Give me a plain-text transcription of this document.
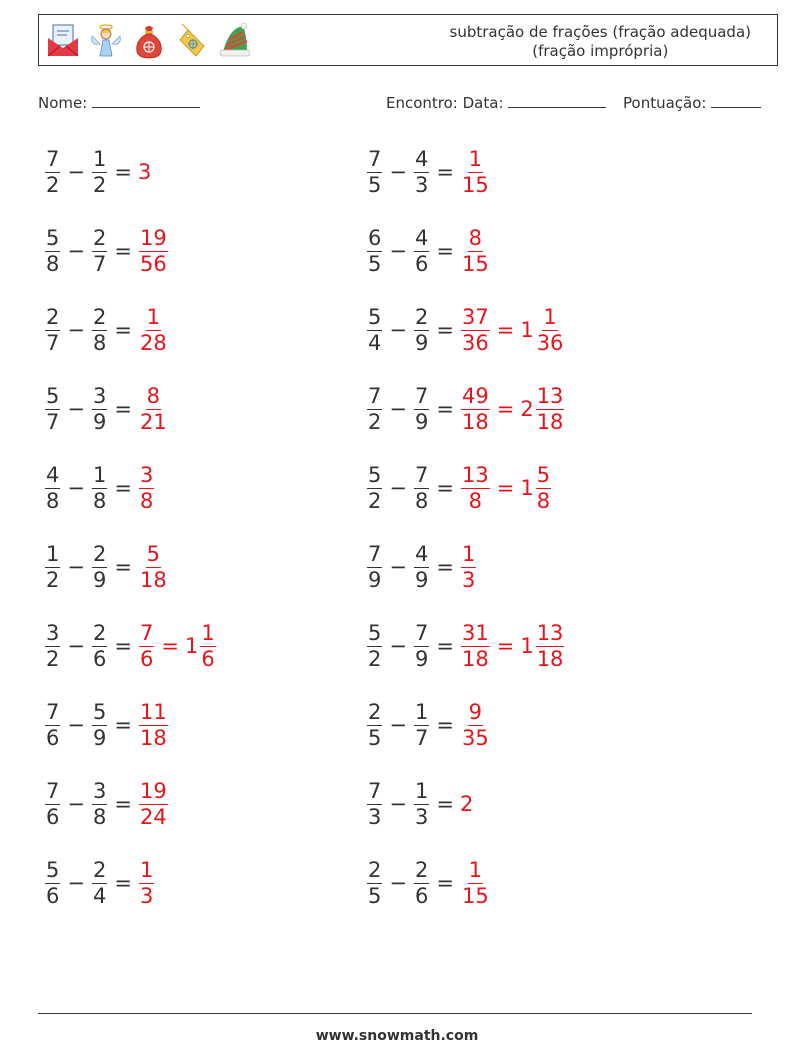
subtração de frações (fração adequada)
(fração imprópria)
Nome:	Encontro: Data:	Pontuação:
$\frac{7}{2} - \frac{1}{2} = 3$
$\frac{5}{8} - \frac{2}{7} = \frac{19}{56}$
$\frac{2}{7} - \frac{2}{8} = \frac{1}{28}$
$\frac{5}{7} - \frac{3}{9} = \frac{8}{21}$
$\frac{4}{8} - \frac{1}{8} = \frac{3}{8}$
$\frac{1}{2} - \frac{2}{9} = \frac{5}{18}$
$\frac{3}{2} - \frac{2}{6} = \frac{7}{6} = 1 \frac{1}{6}$
$\frac{7}{6} - \frac{5}{9} = \frac{11}{18}$
$\frac{7}{6} - \frac{3}{8} = \frac{19}{24}$
$\frac{5}{6} - \frac{2}{4} = \frac{1}{3}$
$\frac{7}{5} - \frac{4}{3} = \frac{1}{15}$
$\frac{6}{5} - \frac{4}{6} = \frac{8}{15}$
$\frac{5}{4} - \frac{2}{9} = \frac{37}{36} = 1 \frac{1}{36}$
$\frac{7}{2} - \frac{7}{9} = \frac{49}{18} = 2 \frac{13}{18}$
$\frac{5}{2} - \frac{7}{8} = \frac{13}{8} = 1 \frac{5}{8}$
$\frac{7}{9} - \frac{4}{9} = \frac{1}{3}$
$\frac{5}{2} - \frac{7}{9} = \frac{31}{18} = 1 \frac{13}{18}$
$\frac{2}{5} - \frac{1}{7} = \frac{9}{35}$
$\frac{7}{3} - \frac{1}{3} = 2$
$\frac{2}{5} - \frac{2}{6} = \frac{1}{15}$
www.snowmath.com
